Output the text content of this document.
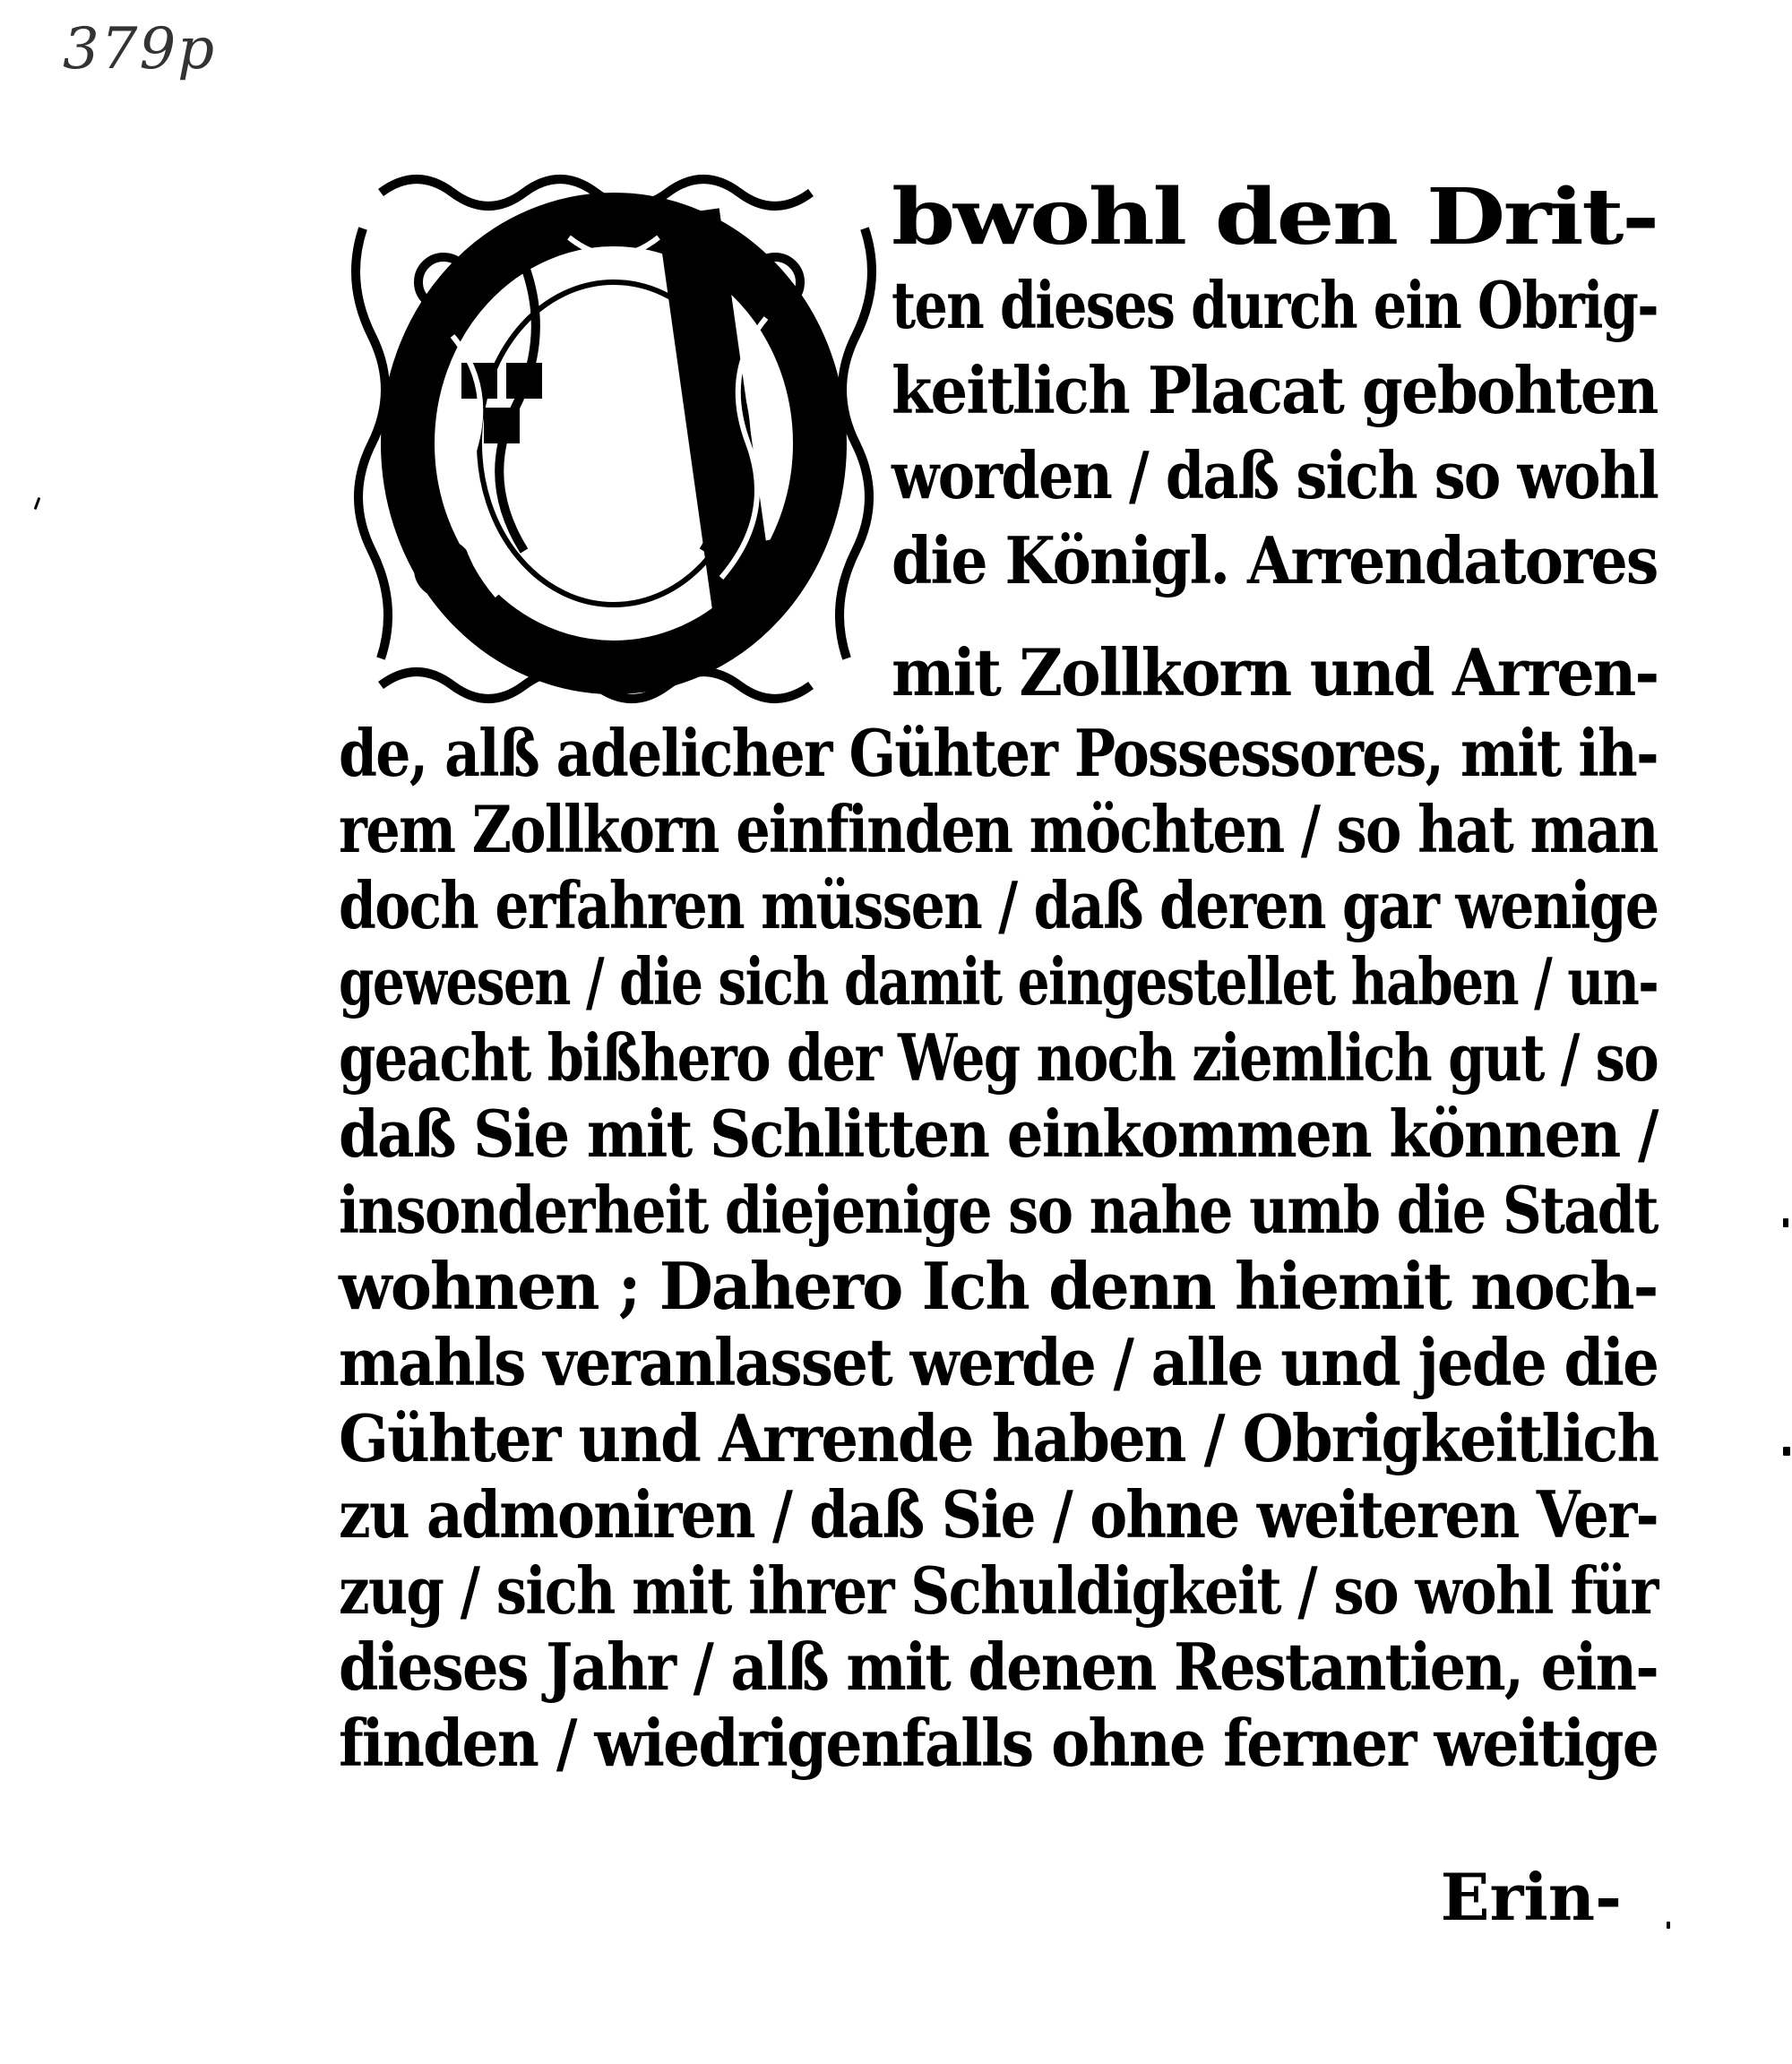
379p
bwohl den Drit-
ten dieses durch ein Obrig-
keitlich Placat gebohten
worden / daß sich so wohl
die Königl. Arrendatores
mit Zollkorn und Arren-
de, alß adelicher Gühter Possessores, mit ih-
rem Zollkorn einfinden möchten / so hat man
doch erfahren müssen / daß deren gar wenige
gewesen / die sich damit eingestellet haben / un-
geacht bißhero der Weg noch ziemlich gut / so
daß Sie mit Schlitten einkommen können /
insonderheit diejenige so nahe umb die Stadt
wohnen ; Dahero Ich denn hiemit noch-
mahls veranlasset werde / alle und jede die
Gühter und Arrende haben / Obrigkeitlich
zu admoniren / daß Sie / ohne weiteren Ver-
zug / sich mit ihrer Schuldigkeit / so wohl für
dieses Jahr / alß mit denen Restantien, ein-
finden / wiedrigenfalls ohne ferner weitige
Erin-
